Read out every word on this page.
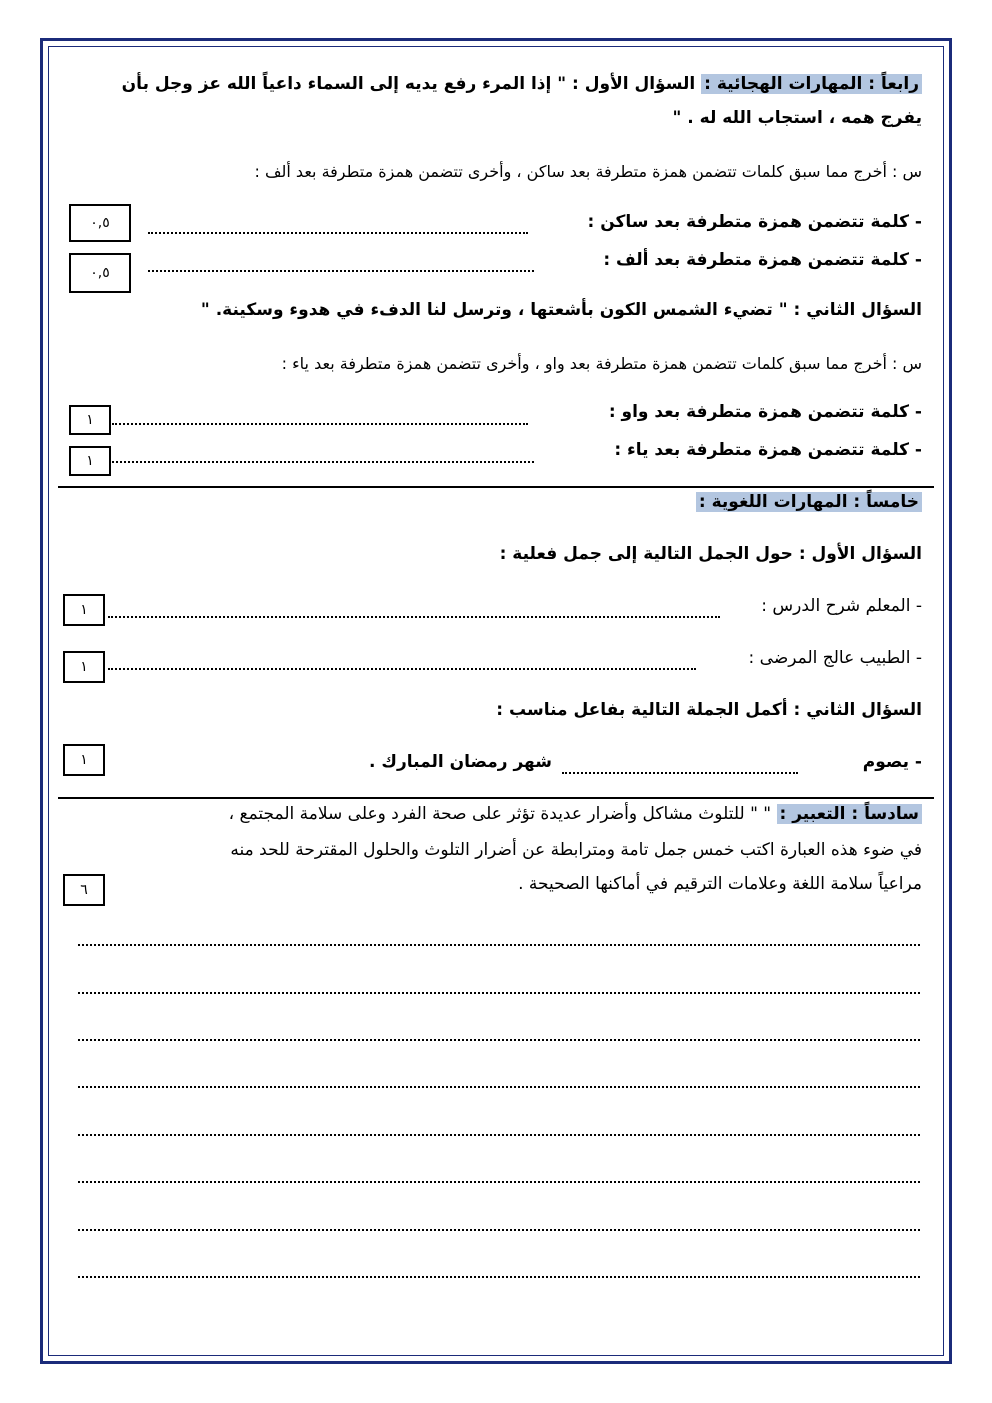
رابعاً : المهارات الهجائية : السؤال الأول : " إذا المرء رفع يديه إلى السماء داعياً الله عز وجل بأن
يفرج همه ، استجاب الله له . "
س : أخرج مما سبق كلمات تتضمن همزة متطرفة بعد ساكن ، وأخرى تتضمن همزة متطرفة بعد ألف :
- كلمة تتضمن همزة متطرفة بعد ساكن :
٠,٥
- كلمة تتضمن همزة متطرفة بعد ألف :
٠,٥
السؤال الثاني : " تضيء الشمس الكون بأشعتها ، وترسل لنا الدفء في هدوء وسكينة. "
س : أخرج مما سبق كلمات تتضمن همزة متطرفة بعد واو ، وأخرى تتضمن همزة متطرفة بعد ياء :
- كلمة تتضمن همزة متطرفة بعد واو :
١
- كلمة تتضمن همزة متطرفة بعد ياء :
١
خامساً : المهارات اللغوية :
السؤال الأول : حول الجمل التالية إلى جمل فعلية :
- المعلم شرح الدرس :
١
- الطبيب عالج المرضى :
١
السؤال الثاني : أكمل الجملة التالية بفاعل مناسب :
- يصوم
شهر رمضان المبارك .
١
سادساً : التعبير : " " للتلوث مشاكل وأضرار عديدة تؤثر على صحة الفرد وعلى سلامة المجتمع ،
في ضوء هذه العبارة اكتب خمس جمل تامة ومترابطة عن أضرار التلوث والحلول المقترحة للحد منه
مراعياً سلامة اللغة وعلامات الترقيم في أماكنها الصحيحة .
٦
